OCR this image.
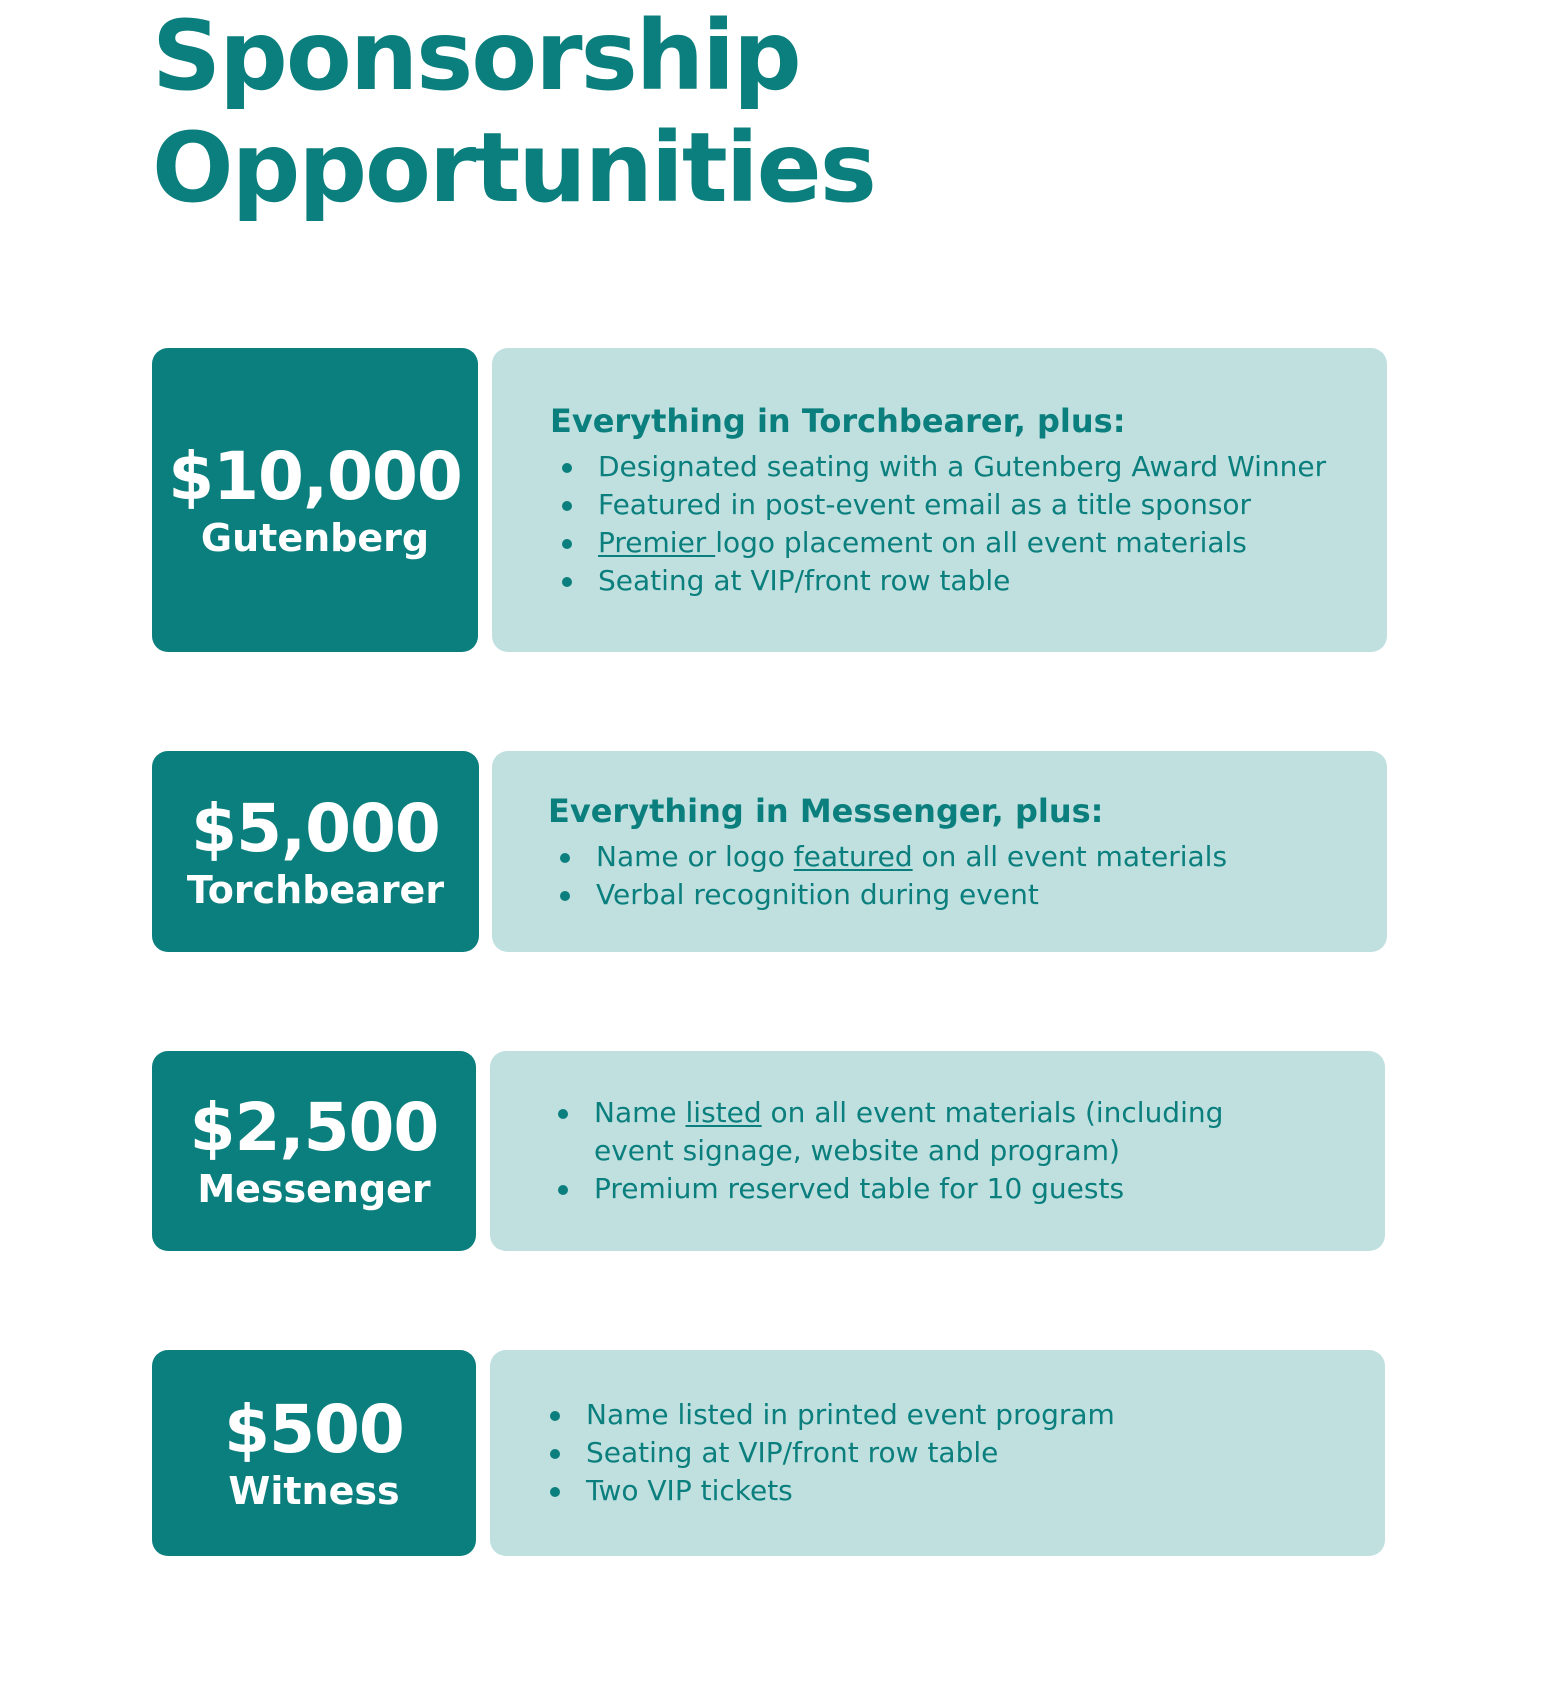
Sponsorship
Opportunities
$10,000
Gutenberg
Everything in Torchbearer, plus:
Designated seating with a Gutenberg Award Winner
Featured in post-event email as a title sponsor
Premier logo placement on all event materials
Seating at VIP/front row table
$5,000
Torchbearer
Everything in Messenger, plus:
Name or logo featured on all event materials
Verbal recognition during event
$2,500
Messenger
Name listed on all event materials (including event signage, website and program)
Premium reserved table for 10 guests
$500
Witness
Name listed in printed event program
Seating at VIP/front row table
Two VIP tickets
